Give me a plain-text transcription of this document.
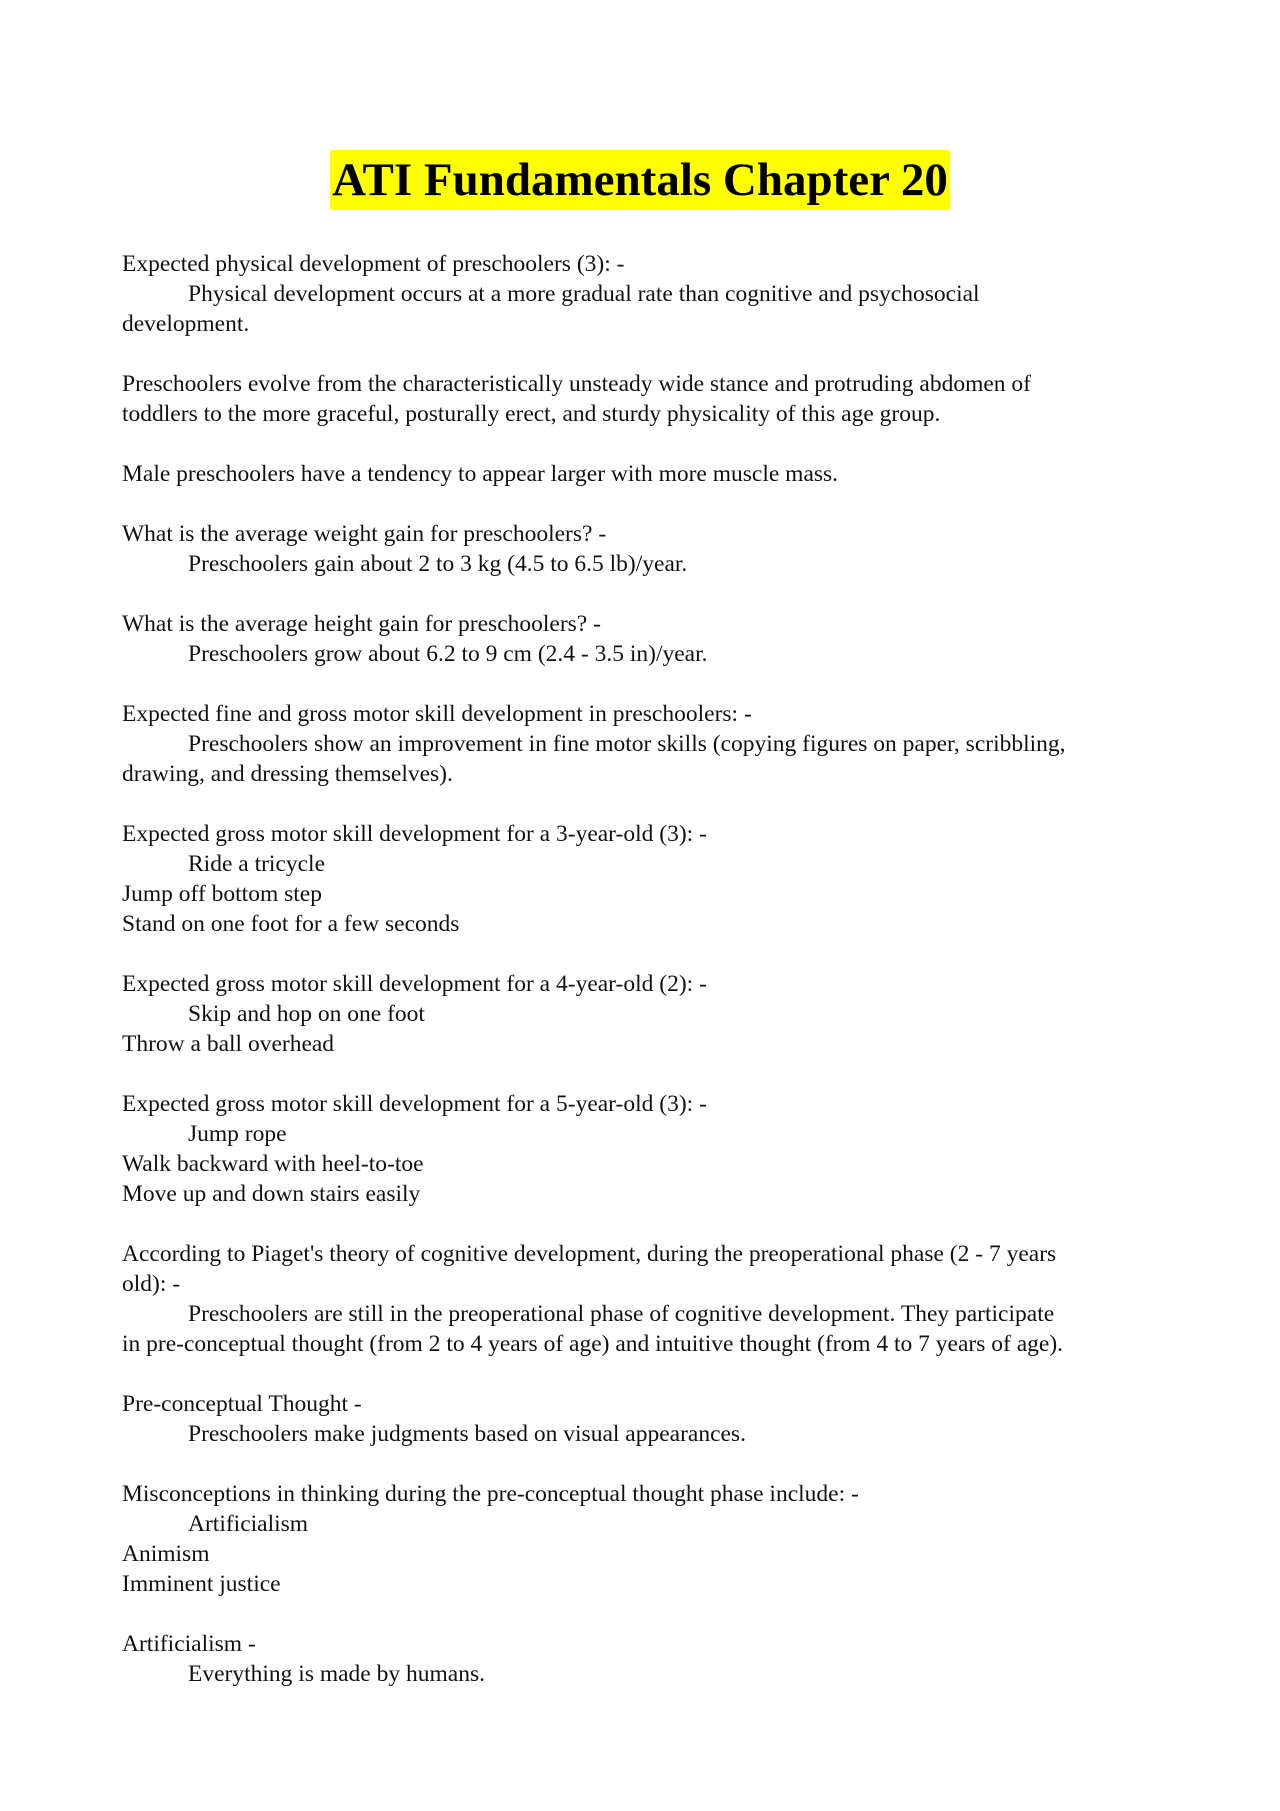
ATI Fundamentals Chapter 20
Expected physical development of preschoolers (3): -
Physical development occurs at a more gradual rate than cognitive and psychosocial
development.
Preschoolers evolve from the characteristically unsteady wide stance and protruding abdomen of
toddlers to the more graceful, posturally erect, and sturdy physicality of this age group.
Male preschoolers have a tendency to appear larger with more muscle mass.
What is the average weight gain for preschoolers? -
Preschoolers gain about 2 to 3 kg (4.5 to 6.5 lb)/year.
What is the average height gain for preschoolers? -
Preschoolers grow about 6.2 to 9 cm (2.4 - 3.5 in)/year.
Expected fine and gross motor skill development in preschoolers: -
Preschoolers show an improvement in fine motor skills (copying figures on paper, scribbling,
drawing, and dressing themselves).
Expected gross motor skill development for a 3-year-old (3): -
Ride a tricycle
Jump off bottom step
Stand on one foot for a few seconds
Expected gross motor skill development for a 4-year-old (2): -
Skip and hop on one foot
Throw a ball overhead
Expected gross motor skill development for a 5-year-old (3): -
Jump rope
Walk backward with heel-to-toe
Move up and down stairs easily
According to Piaget's theory of cognitive development, during the preoperational phase (2 - 7 years
old): -
Preschoolers are still in the preoperational phase of cognitive development. They participate
in pre-conceptual thought (from 2 to 4 years of age) and intuitive thought (from 4 to 7 years of age).
Pre-conceptual Thought -
Preschoolers make judgments based on visual appearances.
Misconceptions in thinking during the pre-conceptual thought phase include: -
Artificialism
Animism
Imminent justice
Artificialism -
Everything is made by humans.
